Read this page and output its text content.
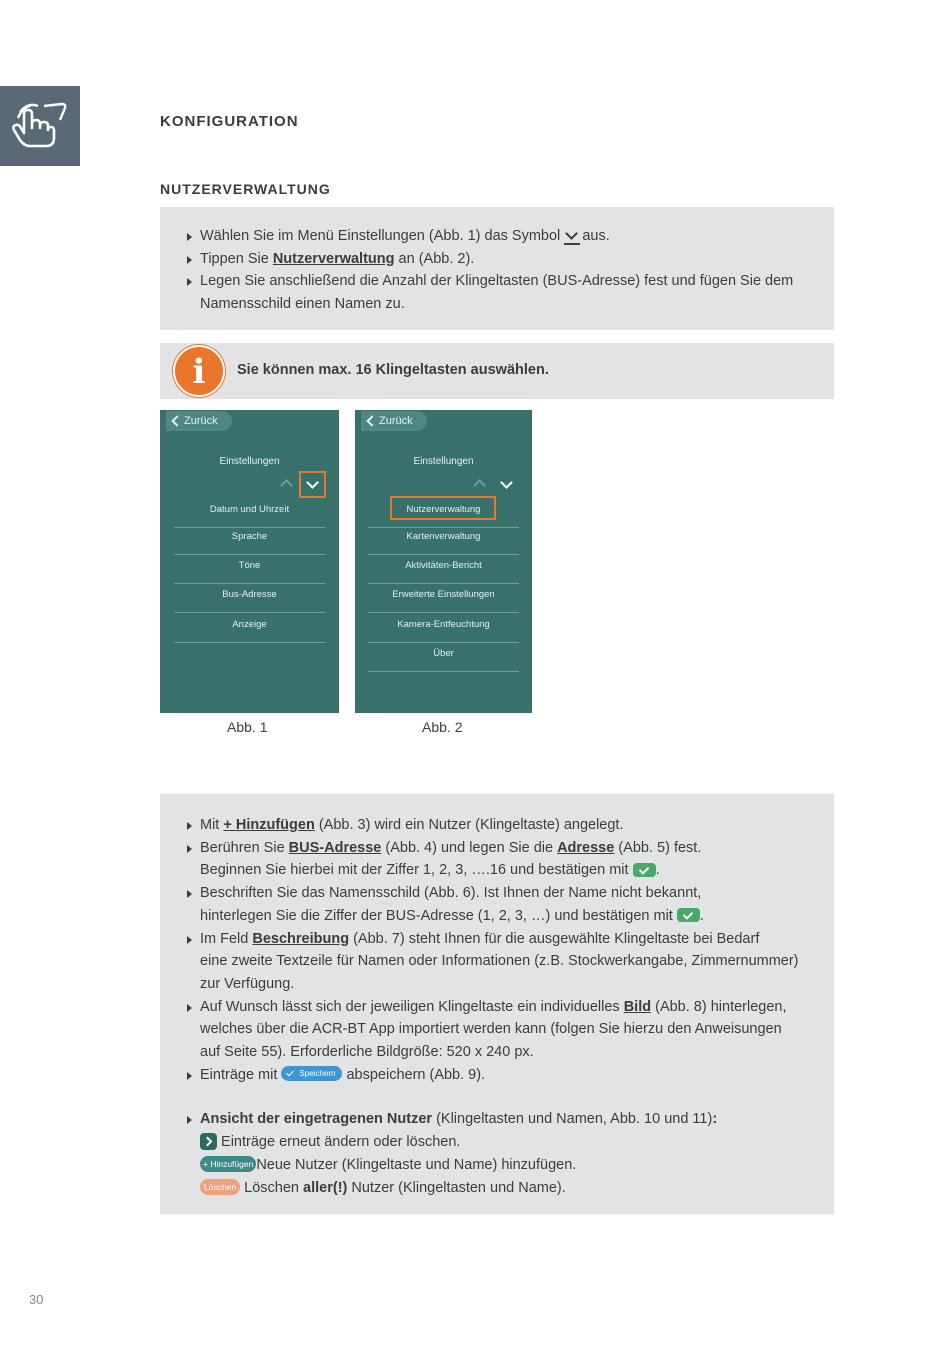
KONFIGURATION
NUTZERVERWALTUNG
Wählen Sie im Menü Einstellungen (Abb. 1) das Symbol aus.
Tippen Sie Nutzerverwaltung an (Abb. 2).
Legen Sie anschließend die Anzahl der Klingeltasten (BUS-Adresse) fest und fügen Sie dem
Namensschild einen Namen zu.
i	Sie können max. 16 Klingeltasten auswählen.
Zurück
Einstellungen
Datum und Uhrzeit
Sprache
Töne
Bus-Adresse
Anzeige
Zurück
Einstellungen
Nutzerverwaltung
Kartenverwaltung
Aktivitäten-Bericht
Erweiterte Einstellungen
Kamera-Entfeuchtung
Über
Abb. 1	Abb. 2
Mit + Hinzufügen (Abb. 3) wird ein Nutzer (Klingeltaste) angelegt.
Berühren Sie BUS-Adresse (Abb. 4) und legen Sie die Adresse (Abb. 5) fest.
Beginnen Sie hierbei mit der Ziffer 1, 2, 3, ….16 und bestätigen mit .
Beschriften Sie das Namensschild (Abb. 6). Ist Ihnen der Name nicht bekannt,
hinterlegen Sie die Ziffer der BUS-Adresse (1, 2, 3, …) und bestätigen mit .
Im Feld Beschreibung (Abb. 7) steht Ihnen für die ausgewählte Klingeltaste bei Bedarf
eine zweite Textzeile für Namen oder Informationen (z.B. Stockwerkangabe, Zimmernummer)
zur Verfügung.
Auf Wunsch lässt sich der jeweiligen Klingeltaste ein individuelles Bild (Abb. 8) hinterlegen,
welches über die ACR-BT App importiert werden kann (folgen Sie hierzu den Anweisungen
auf Seite 55). Erforderliche Bildgröße: 520 x 240 px.
Einträge mit	Speichern abspeichern (Abb. 9).
Ansicht der eingetragenen Nutzer (Klingeltasten und Namen, Abb. 10 und 11):
Einträge erneut ändern oder löschen.
+ Hinzufügen Neue Nutzer (Klingeltaste und Name) hinzufügen.
Löschen Löschen aller(!) Nutzer (Klingeltasten und Name).
30
